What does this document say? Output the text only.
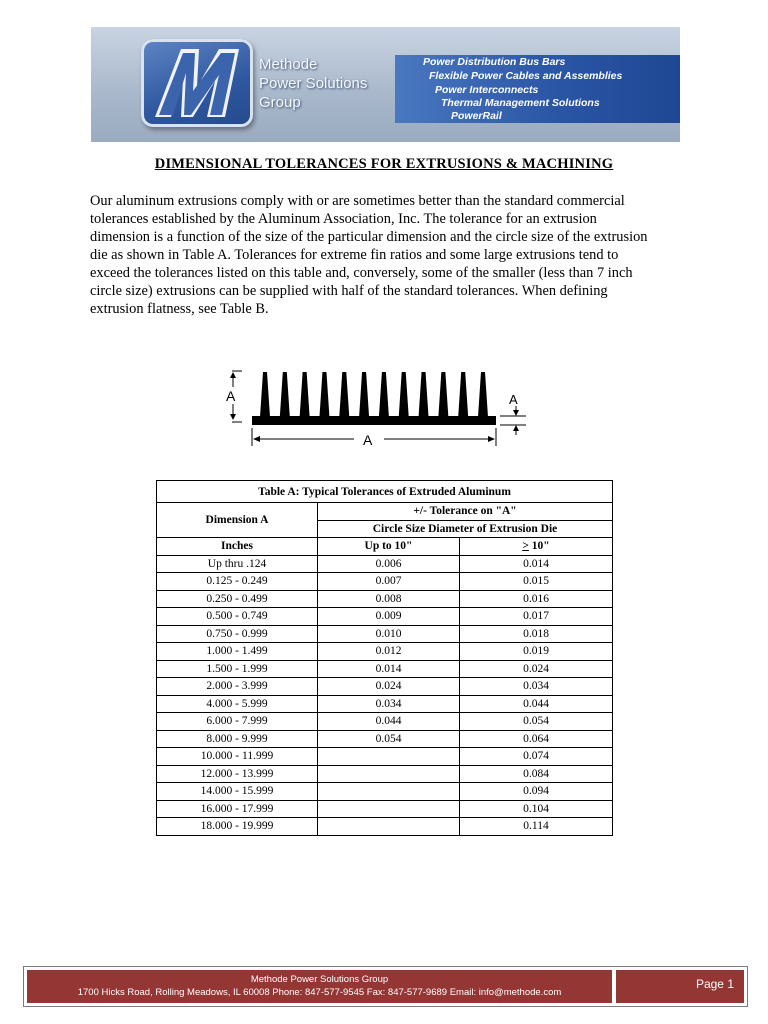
Methode
Power Solutions
Group
Power Distribution Bus Bars
Flexible Power Cables and Assemblies
Power Interconnects
Thermal Management Solutions
PowerRail
DIMENSIONAL TOLERANCES FOR EXTRUSIONS & MACHINING
Our aluminum extrusions comply with or are sometimes better than the standard commercial
tolerances established by the Aluminum Association, Inc. The tolerance for an extrusion
dimension is a function of the size of the particular dimension and the circle size of the extrusion
die as shown in Table A. Tolerances for extreme fin ratios and some large extrusions tend to
exceed the tolerances listed on this table and, conversely, some of the smaller (less than 7 inch
circle size) extrusions can be supplied with half of the standard tolerances. When defining
extrusion flatness, see Table B.
A	A
A
Table A: Typical Tolerances of Extruded Aluminum		
Dimension A	+/- Tolerance on "A"	
	Circle Size Diameter of Extrusion Die	
Inches	Up to 10"	≥ 10"
Up thru .124	0.006	0.014
0.125 - 0.249	0.007	0.015
0.250 - 0.499	0.008	0.016
0.500 - 0.749	0.009	0.017
0.750 - 0.999	0.010	0.018
1.000 - 1.499	0.012	0.019
1.500 - 1.999	0.014	0.024
2.000 - 3.999	0.024	0.034
4.000 - 5.999	0.034	0.044
6.000 - 7.999	0.044	0.054
8.000 - 9.999	0.054	0.064
10.000 - 11.999		0.074
12.000 - 13.999		0.084
14.000 - 15.999		0.094
16.000 - 17.999		0.104
18.000 - 19.999		0.114
Methode Power Solutions Group
1700 Hicks Road, Rolling Meadows, IL 60008 Phone: 847-577-9545 Fax: 847-577-9689 Email: info@methode.com
Page 1
